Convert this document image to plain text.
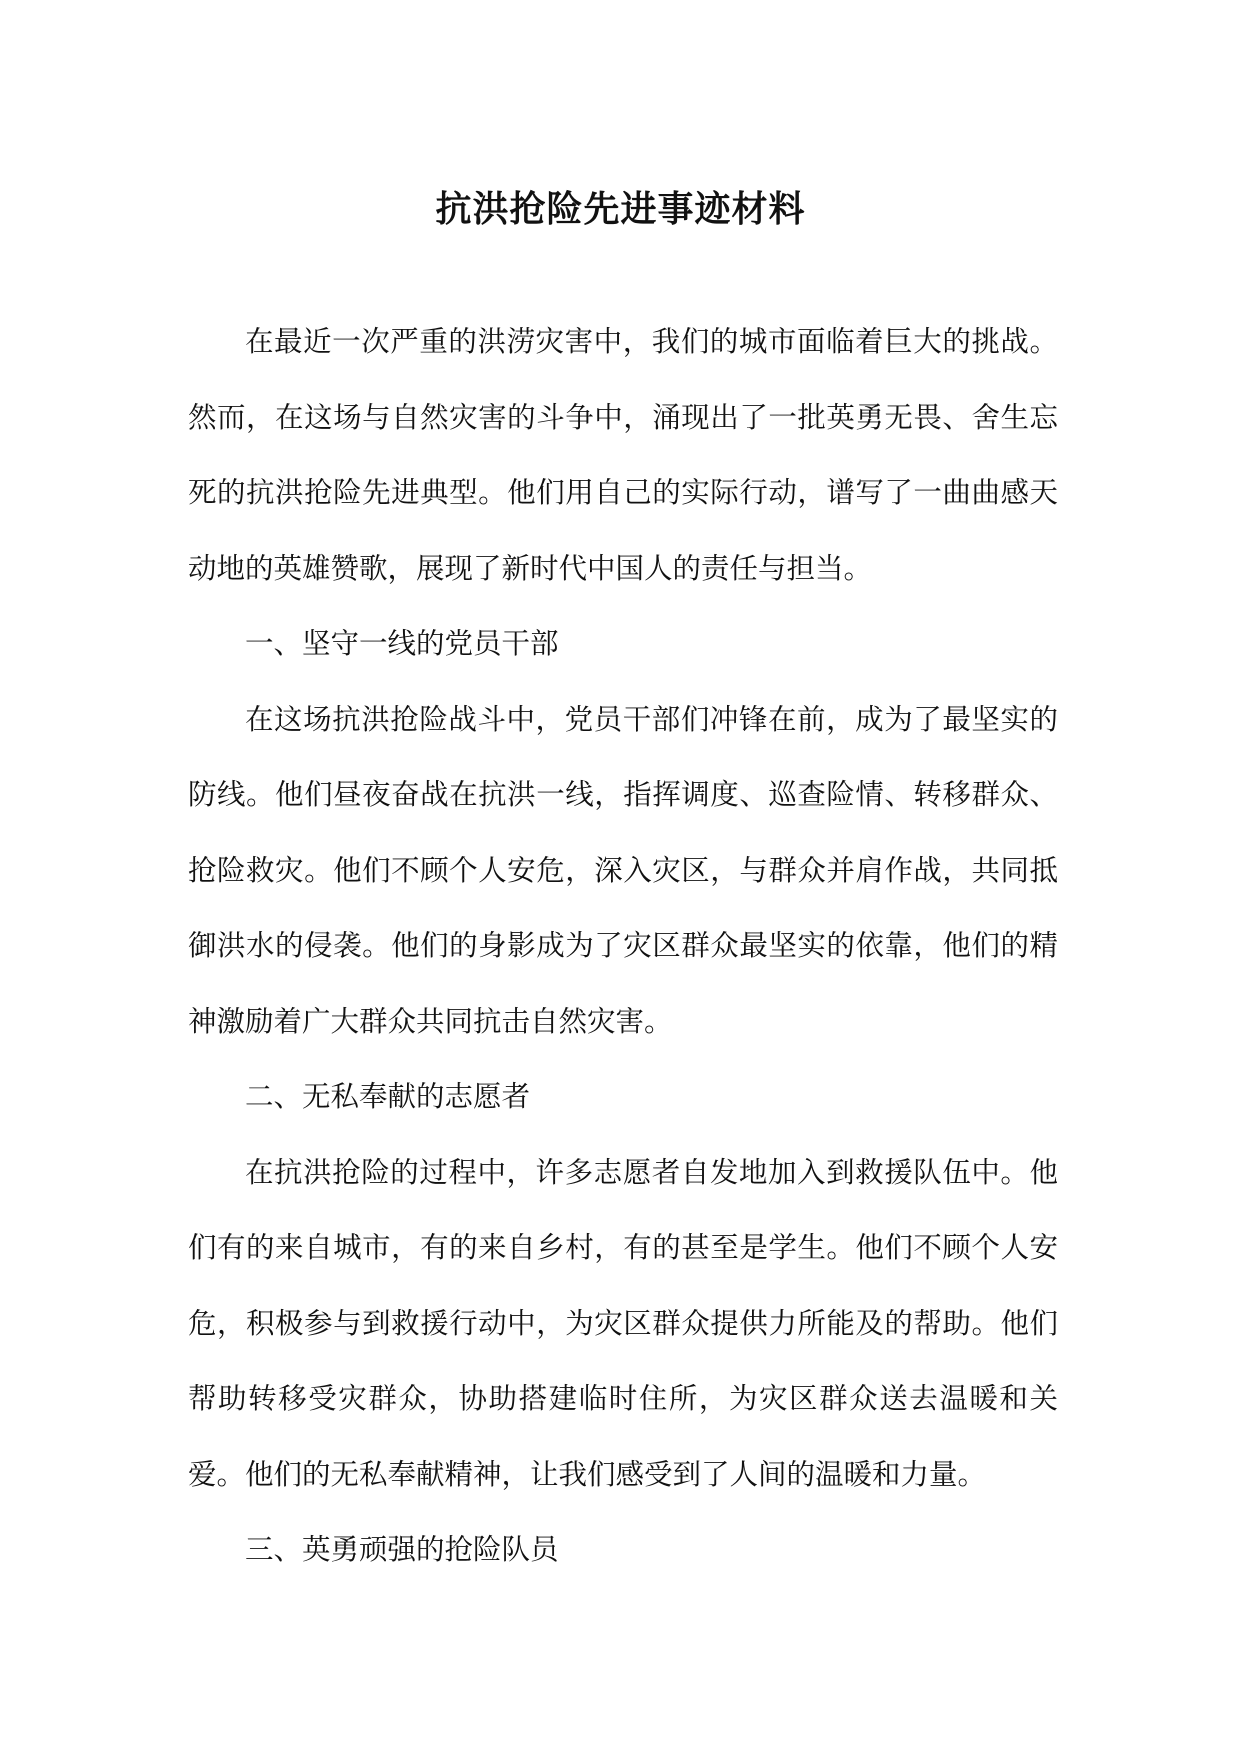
抗洪抢险先进事迹材料

在最近一次严重的洪涝灾害中，我们的城市面临着巨大的挑战。然而，在这场与自然灾害的斗争中，涌现出了一批英勇无畏、舍生忘死的抗洪抢险先进典型。他们用自己的实际行动，谱写了一曲曲感天动地的英雄赞歌，展现了新时代中国人的责任与担当。

一、坚守一线的党员干部

在这场抗洪抢险战斗中，党员干部们冲锋在前，成为了最坚实的防线。他们昼夜奋战在抗洪一线，指挥调度、巡查险情、转移群众、抢险救灾。他们不顾个人安危，深入灾区，与群众并肩作战，共同抵御洪水的侵袭。他们的身影成为了灾区群众最坚实的依靠，他们的精神激励着广大群众共同抗击自然灾害。

二、无私奉献的志愿者

在抗洪抢险的过程中，许多志愿者自发地加入到救援队伍中。他们有的来自城市，有的来自乡村，有的甚至是学生。他们不顾个人安危，积极参与到救援行动中，为灾区群众提供力所能及的帮助。他们帮助转移受灾群众，协助搭建临时住所，为灾区群众送去温暖和关爱。他们的无私奉献精神，让我们感受到了人间的温暖和力量。

三、英勇顽强的抢险队员
